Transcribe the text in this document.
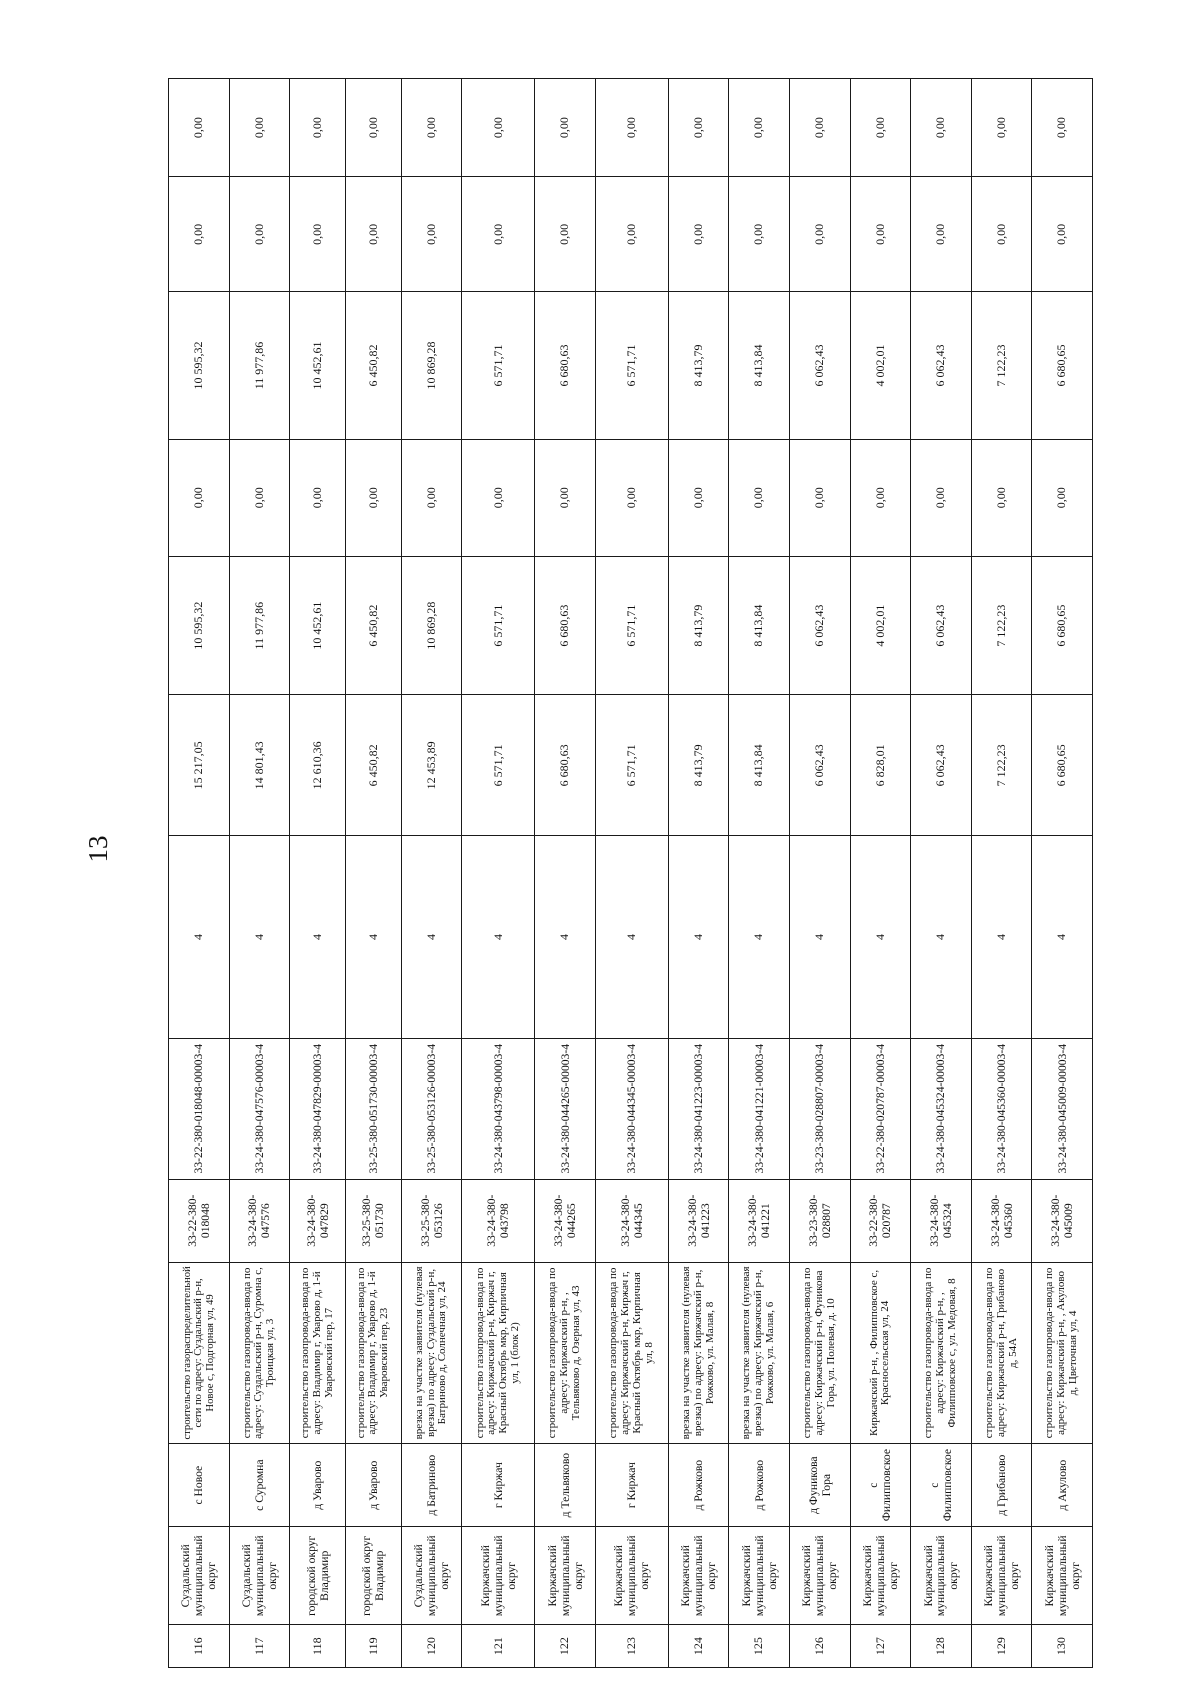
13
116	Суздальский муниципальный округ	с Новое	строительство газораспределительной сети по адресу: Суздальский р-н, Новое с, Подгорная ул, 49	33-22-380-018048	33-22-380-018048-00003-4	4	15 217,05	10 595,32	0,00	10 595,32	0,00	0,00
117	Суздальский муниципальный округ	с Суромна	строительство газопровода-ввода по адресу: Суздальский р-н, Суромна с, Троицкая ул, 3	33-24-380-047576	33-24-380-047576-00003-4	4	14 801,43	11 977,86	0,00	11 977,86	0,00	0,00
118	городской округ Владимир	д Уварово	строительство газопровода-ввода по адресу: Владимир г, Уварово д, 1-й Уваровский пер, 17	33-24-380-047829	33-24-380-047829-00003-4	4	12 610,36	10 452,61	0,00	10 452,61	0,00	0,00
119	городской округ Владимир	д Уварово	строительство газопровода-ввода по адресу: Владимир г, Уварово д, 1-й Уваровский пер, 23	33-25-380-051730	33-25-380-051730-00003-4	4	6 450,82	6 450,82	0,00	6 450,82	0,00	0,00
120	Суздальский муниципальный округ	д Батриново	врезка на участке заявителя (нулевая врезка) по адресу: Суздальский р-н, Батриново д, Солнечная ул, 24	33-25-380-053126	33-25-380-053126-00003-4	4	12 453,89	10 869,28	0,00	10 869,28	0,00	0,00
121	Киржачский муниципальный округ	г Киржач	строительство газопровода-ввода по адресу: Киржачский р-н, Киржач г, Красный Октябрь мкр, Кирпичная ул, 1 (блок 2)	33-24-380-043798	33-24-380-043798-00003-4	4	6 571,71	6 571,71	0,00	6 571,71	0,00	0,00
122	Киржачский муниципальный округ	д Тельвяково	строительство газопровода-ввода по адресу: Киржачский р-н, , Тельвяково д, Озерная ул, 43	33-24-380-044265	33-24-380-044265-00003-4	4	6 680,63	6 680,63	0,00	6 680,63	0,00	0,00
123	Киржачский муниципальный округ	г Киржач	строительство газопровода-ввода по адресу: Киржачский р-н, Киржач г, Красный Октябрь мкр, Кирпичная ул, 8	33-24-380-044345	33-24-380-044345-00003-4	4	6 571,71	6 571,71	0,00	6 571,71	0,00	0,00
124	Киржачский муниципальный округ	д Рожково	врезка на участке заявителя (нулевая врезка) по адресу: Киржачский р-н, Рожково, ул. Малая, 8	33-24-380-041223	33-24-380-041223-00003-4	4	8 413,79	8 413,79	0,00	8 413,79	0,00	0,00
125	Киржачский муниципальный округ	д Рожково	врезка на участке заявителя (нулевая врезка) по адресу: Киржачский р-н, Рожково, ул. Малая, 6	33-24-380-041221	33-24-380-041221-00003-4	4	8 413,84	8 413,84	0,00	8 413,84	0,00	0,00
126	Киржачский муниципальный округ	д Фуникова Гора	строительство газопровода-ввода по адресу: Киржачский р-н, Фуникова Гора, ул. Полевая, д. 10	33-23-380-028807	33-23-380-028807-00003-4	4	6 062,43	6 062,43	0,00	6 062,43	0,00	0,00
127	Киржачский муниципальный округ	с Филипповское	Киржачский р-н, , Филипповское с, Красносельская ул, 24	33-22-380-020787	33-22-380-020787-00003-4	4	6 828,01	4 002,01	0,00	4 002,01	0,00	0,00
128	Киржачский муниципальный округ	с Филипповское	строительство газопровода-ввода по адресу: Киржачский р-н, , Филипповское с, ул. Медовая, 8	33-24-380-045324	33-24-380-045324-00003-4	4	6 062,43	6 062,43	0,00	6 062,43	0,00	0,00
129	Киржачский муниципальный округ	д Грибаново	строительство газопровода-ввода по адресу: Киржачский р-н, Грибаново д, 54А	33-24-380-045360	33-24-380-045360-00003-4	4	7 122,23	7 122,23	0,00	7 122,23	0,00	0,00
130	Киржачский муниципальный округ	д Акулово	строительство газопровода-ввода по адресу: Киржачский р-н, , Акулово д, Цветочная ул, 4	33-24-380-045009	33-24-380-045009-00003-4	4	6 680,65	6 680,65	0,00	6 680,65	0,00	0,00
